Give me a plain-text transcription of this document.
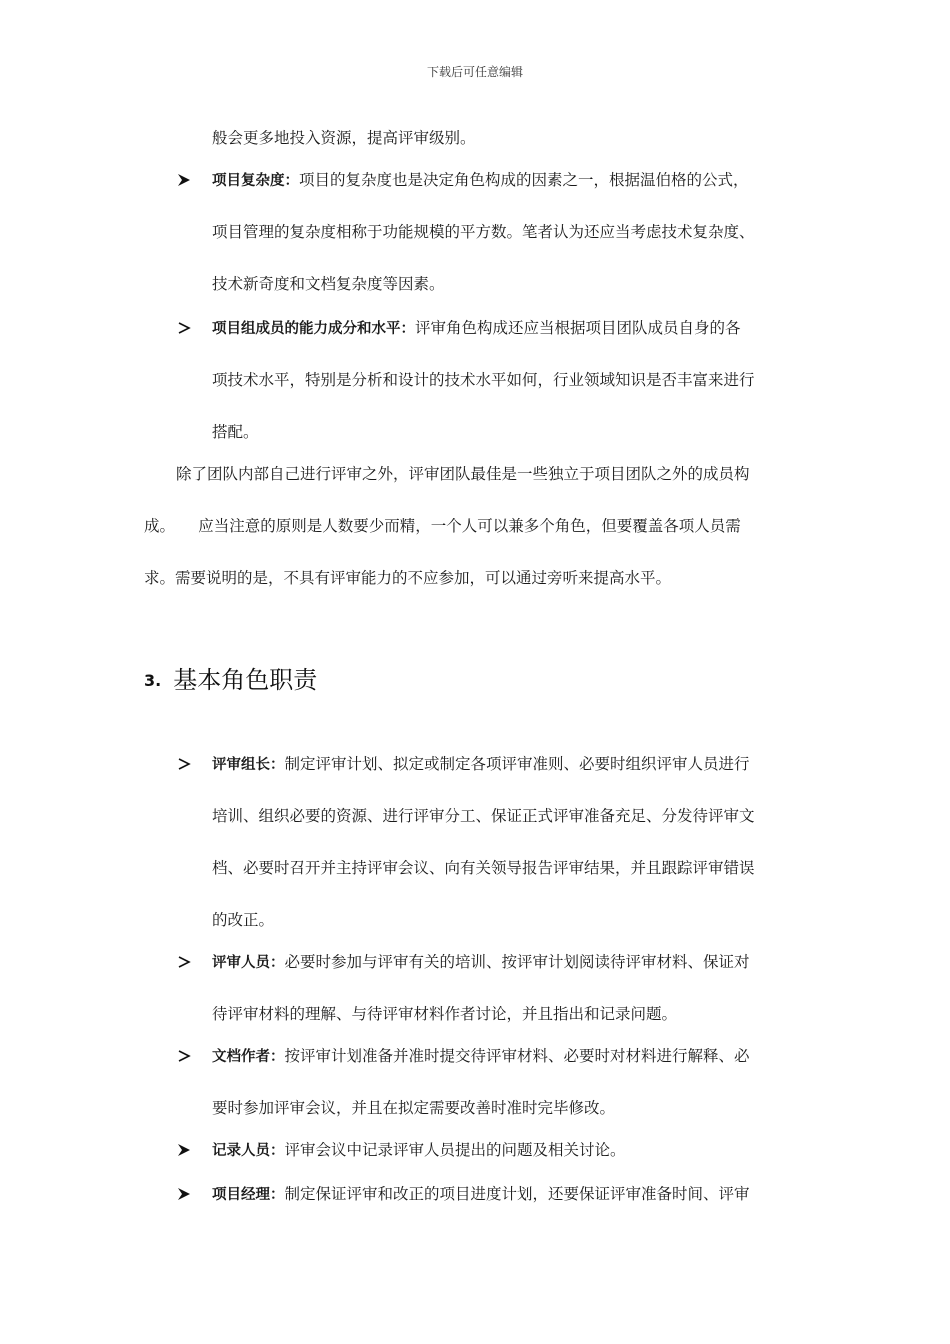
下载后可任意编辑
般会更多地投入资源，提高评审级别。
项目复杂度：项目的复杂度也是决定角色构成的因素之一，根据温伯格的公式，
项目管理的复杂度相称于功能规模的平方数。笔者认为还应当考虑技术复杂度、
技术新奇度和文档复杂度等因素。
项目组成员的能力成分和水平：评审角色构成还应当根据项目团队成员自身的各
项技术水平，特别是分析和设计的技术水平如何，行业领域知识是否丰富来进行
搭配。
除了团队内部自己进行评审之外，评审团队最佳是一些独立于项目团队之外的成员构
成。　　应当注意的原则是人数要少而精，一个人可以兼多个角色，但要覆盖各项人员需
求。需要说明的是，不具有评审能力的不应参加，可以通过旁听来提高水平。
3. 基本角色职责
评审组长：制定评审计划、拟定或制定各项评审准则、必要时组织评审人员进行
培训、组织必要的资源、进行评审分工、保证正式评审准备充足、分发待评审文
档、必要时召开并主持评审会议、向有关领导报告评审结果，并且跟踪评审错误
的改正。
评审人员：必要时参加与评审有关的培训、按评审计划阅读待评审材料、保证对
待评审材料的理解、与待评审材料作者讨论，并且指出和记录问题。
文档作者：按评审计划准备并准时提交待评审材料、必要时对材料进行解释、必
要时参加评审会议，并且在拟定需要改善时准时完毕修改。
记录人员：评审会议中记录评审人员提出的问题及相关讨论。
项目经理：制定保证评审和改正的项目进度计划，还要保证评审准备时间、评审
